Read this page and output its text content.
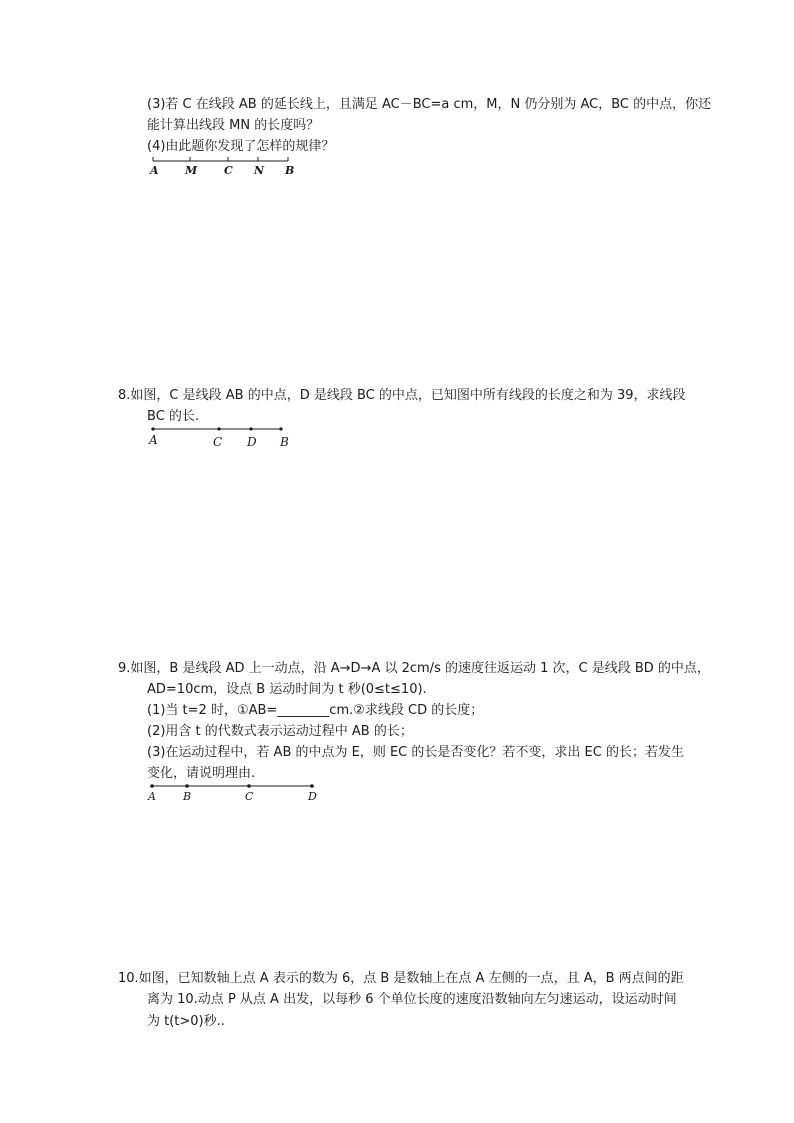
(3)若 C 在线段 AB 的延长线上，且满足 AC－BC=a cm，M，N 仍分别为 AC，BC 的中点，你还
能计算出线段 MN 的长度吗？
(4)由此题你发现了怎样的规律？
A M C N B
8.如图，C 是线段 AB 的中点，D 是线段 BC 的中点，已知图中所有线段的长度之和为 39，求线段
BC 的长.
A	C D B
9.如图，B 是线段 AD 上一动点，沿 A→D→A 以 2cm/s 的速度往返运动 1 次，C 是线段 BD 的中点，
AD=10cm，设点 B 运动时间为 t 秒(0≤t≤10).
(1)当 t=2 时，①AB=________cm.②求线段 CD 的长度；
(2)用含 t 的代数式表示运动过程中 AB 的长；
(3)在运动过程中，若 AB 的中点为 E，则 EC 的长是否变化？若不变，求出 EC 的长；若发生
变化，请说明理由.
A B	C	D
10.如图，已知数轴上点 A 表示的数为 6，点 B 是数轴上在点 A 左侧的一点，且 A，B 两点间的距
离为 10.动点 P 从点 A 出发，以每秒 6 个单位长度的速度沿数轴向左匀速运动，设运动时间
为 t(t>0)秒..
